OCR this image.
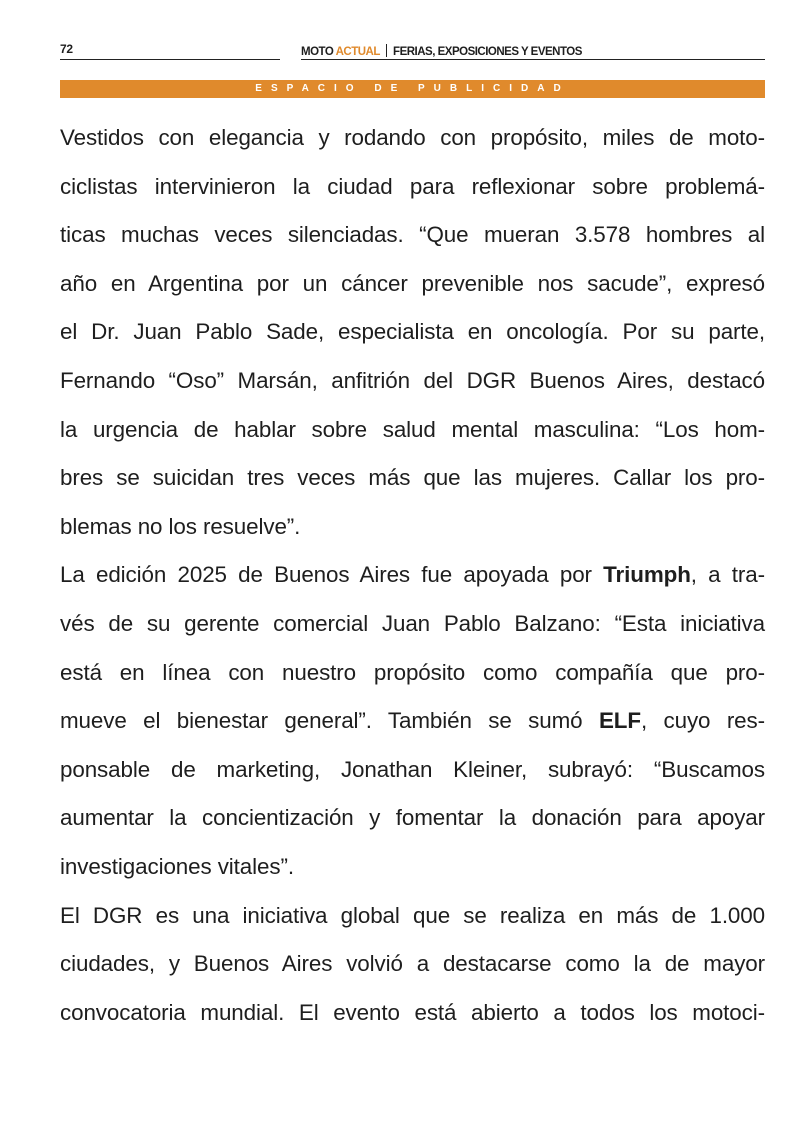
72	MOTO ACTUAL FERIAS, EXPOSICIONES Y EVENTOS
ESPACIO DE PUBLICIDAD
Vestidos con elegancia y rodando con propósito, miles de moto-
ciclistas intervinieron la ciudad para reflexionar sobre problemá-
ticas muchas veces silenciadas. “Que mueran 3.578 hombres al
año en Argentina por un cáncer prevenible nos sacude”, expresó
el Dr. Juan Pablo Sade, especialista en oncología. Por su parte,
Fernando “Oso” Marsán, anfitrión del DGR Buenos Aires, destacó
la urgencia de hablar sobre salud mental masculina: “Los hom-
bres se suicidan tres veces más que las mujeres. Callar los pro-
blemas no los resuelve”.
La edición 2025 de Buenos Aires fue apoyada por Triumph, a tra-
vés de su gerente comercial Juan Pablo Balzano: “Esta iniciativa
está en línea con nuestro propósito como compañía que pro-
mueve el bienestar general”. También se sumó ELF, cuyo res-
ponsable de marketing, Jonathan Kleiner, subrayó: “Buscamos
aumentar la concientización y fomentar la donación para apoyar
investigaciones vitales”.
El DGR es una iniciativa global que se realiza en más de 1.000
ciudades, y Buenos Aires volvió a destacarse como la de mayor
convocatoria mundial. El evento está abierto a todos los motoci-
